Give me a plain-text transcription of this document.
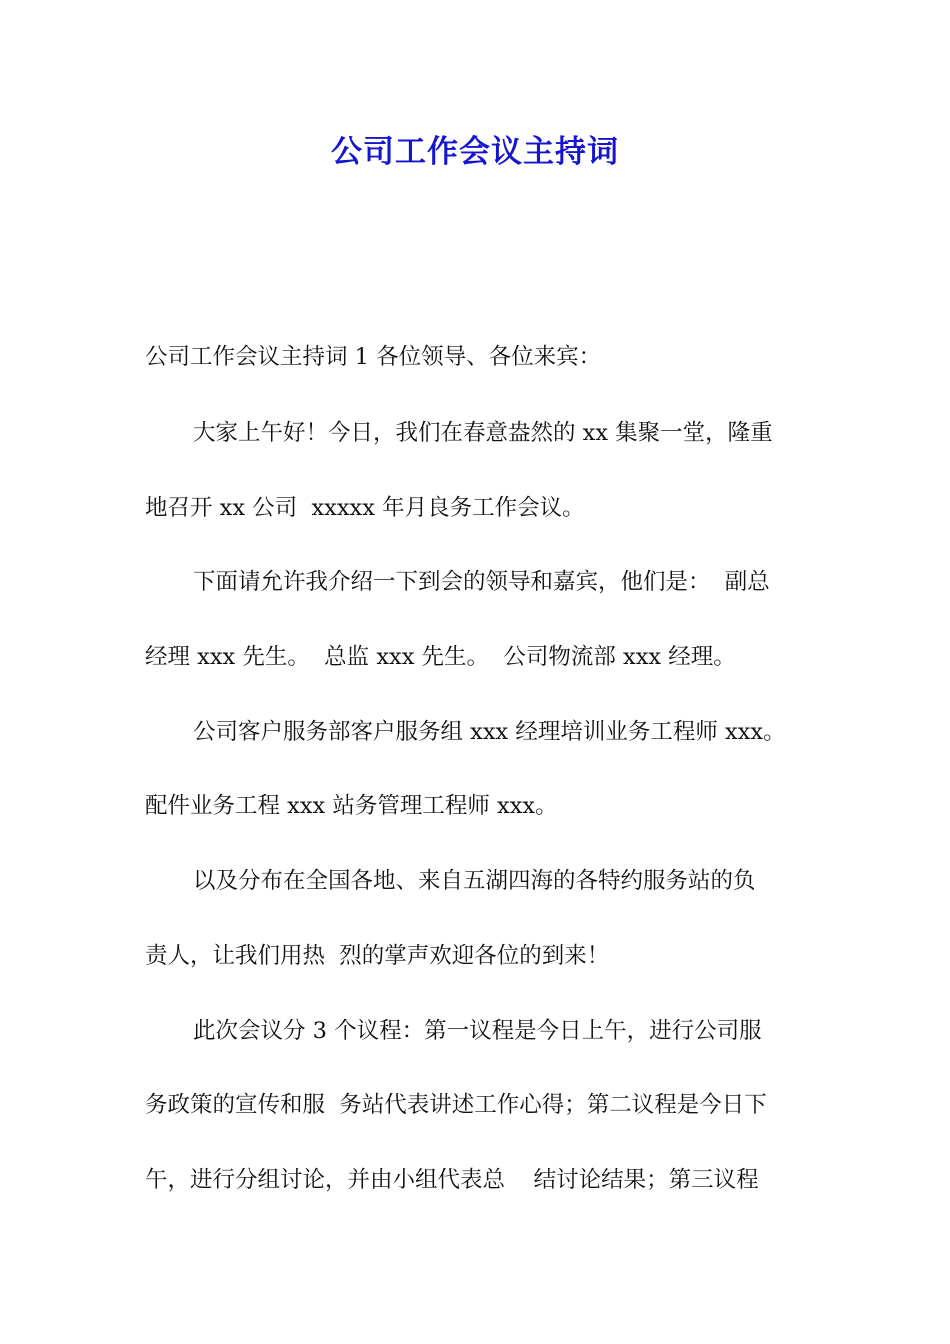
公司工作会议主持词

公司工作会议主持词 1 各位领导、各位来宾：

大家上午好！今日，我们在春意盎然的 xx 集聚一堂，隆重

地召开 xx 公司  xxxxx 年月良务工作会议。

下面请允许我介绍一下到会的领导和嘉宾，他们是：  副总

经理 xxx 先生。  总监 xxx 先生。  公司物流部 xxx 经理。

公司客户服务部客户服务组 xxx 经理培训业务工程师 xxx。

配件业务工程 xxx 站务管理工程师 xxx。

以及分布在全国各地、来自五湖四海的各特约服务站的负

责人，让我们用热  烈的掌声欢迎各位的到来！

此次会议分 3 个议程：第一议程是今日上午，进行公司服

务政策的宣传和服  务站代表讲述工作心得；第二议程是今日下

午，进行分组讨论，并由小组代表总    结讨论结果；第三议程
